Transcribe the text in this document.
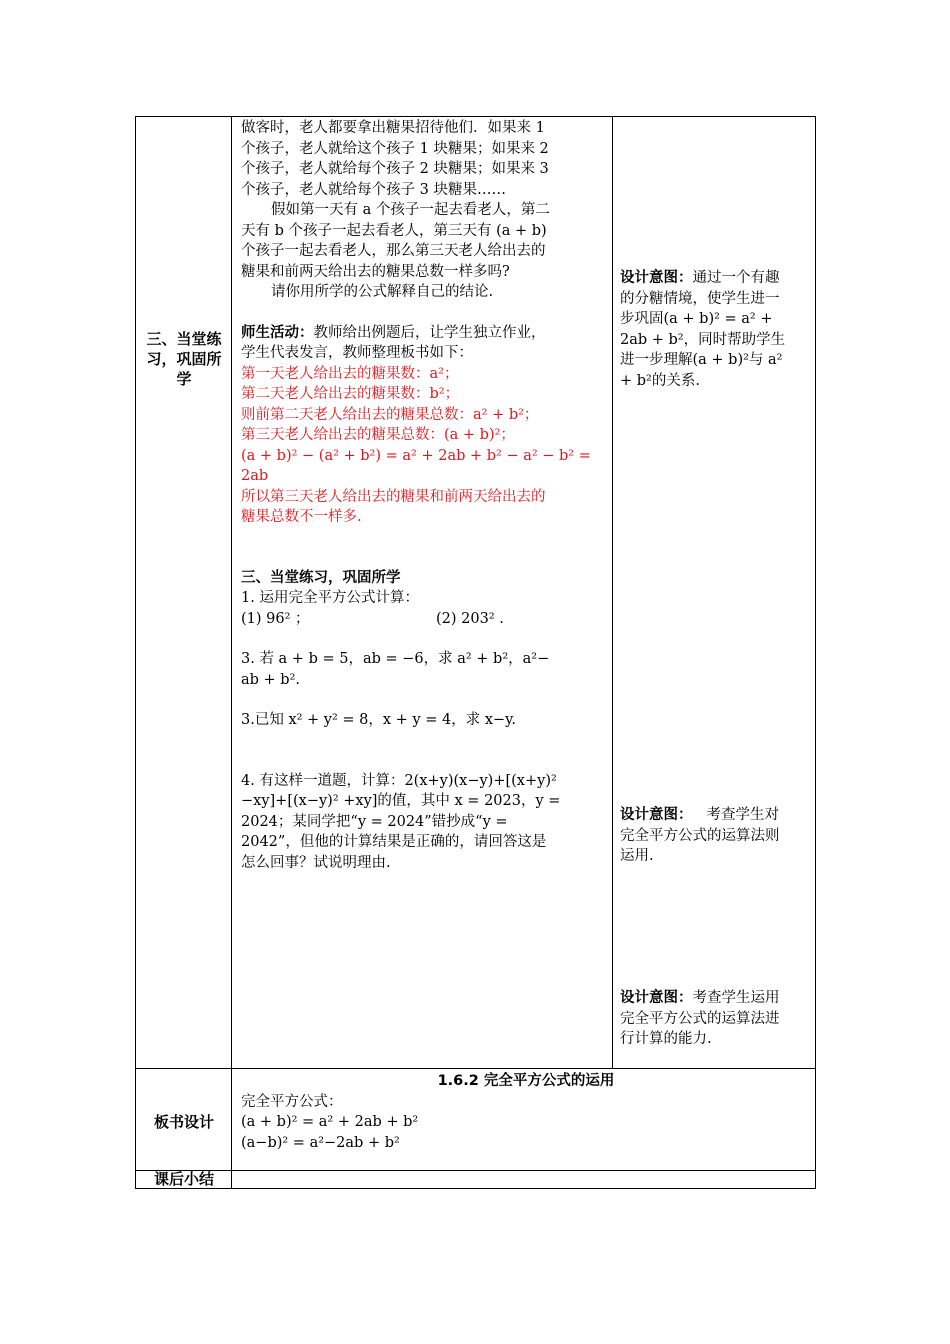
三、当堂练习，巩固所学
做客时，老人都要拿出糖果招待他们．如果来 1
个孩子，老人就给这个孩子 1 块糖果；如果来 2
个孩子，老人就给每个孩子 2 块糖果；如果来 3
个孩子，老人就给每个孩子 3 块糖果……
假如第一天有 a 个孩子一起去看老人，第二
天有 b 个孩子一起去看老人，第三天有 (a + b)
个孩子一起去看老人，那么第三天老人给出去的
糖果和前两天给出去的糖果总数一样多吗?
请你用所学的公式解释自己的结论.
师生活动：教师给出例题后，让学生独立作业，
学生代表发言，教师整理板书如下：
第一天老人给出去的糖果数：a²；
第二天老人给出去的糖果数：b²；
则前第二天老人给出去的糖果总数：a² + b²；
第三天老人给出去的糖果总数：(a + b)²；
(a + b)² − (a² + b²) = a² + 2ab + b² − a² − b² =
2ab
所以第三天老人给出去的糖果和前两天给出去的
糖果总数不一样多.
三、当堂练习，巩固所学
1. 运用完全平方公式计算：
(1) 96² ；	(2) 203² .
3. 若 a + b = 5，ab = −6，求 a² + b²，a²−
ab + b².
3.已知 x² + y² = 8，x + y = 4，求 x−y.
4. 有这样一道题，计算：2(x+y)(x−y)+[(x+y)²
−xy]+[(x−y)² +xy]的值，其中 x = 2023，y =
2024；某同学把“y = 2024”错抄成“y =
2042”，但他的计算结果是正确的，请回答这是
怎么回事？试说明理由.
设计意图：通过一个有趣
的分糖情境，使学生进一
步巩固(a + b)² = a² +
2ab + b²，同时帮助学生
进一步理解(a + b)²与 a²
+ b²的关系.
设计意图： 考查学生对
完全平方公式的运算法则
运用.
设计意图：考查学生运用
完全平方公式的运算法进
行计算的能力.
板书设计
1.6.2 完全平方公式的运用
完全平方公式：
(a + b)² = a² + 2ab + b²
(a−b)² = a²−2ab + b²
课后小结
